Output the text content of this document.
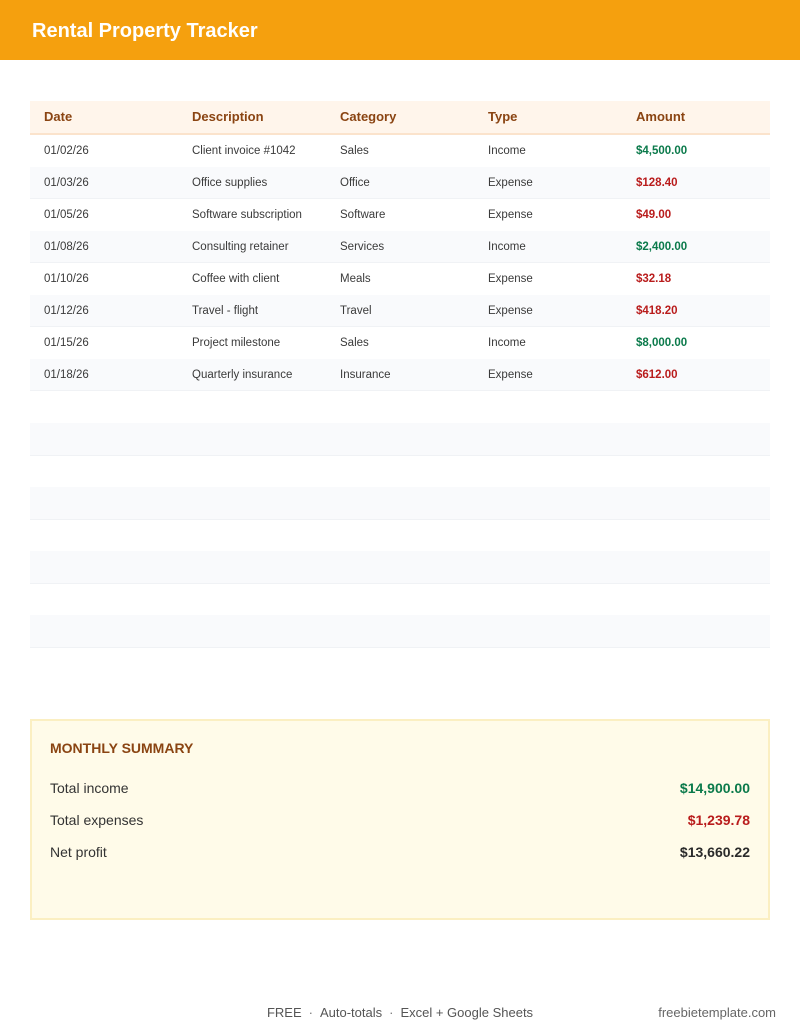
Rental Property Tracker
Date	Description	Category	Type	Amount
01/02/26	Client invoice #1042	Sales	Income	$4,500.00
01/03/26	Office supplies	Office	Expense	$128.40
01/05/26	Software subscription	Software	Expense	$49.00
01/08/26	Consulting retainer	Services	Income	$2,400.00
01/10/26	Coffee with client	Meals	Expense	$32.18
01/12/26	Travel - flight	Travel	Expense	$418.20
01/15/26	Project milestone	Sales	Income	$8,000.00
01/18/26	Quarterly insurance	Insurance	Expense	$612.00
MONTHLY SUMMARY
Total income	$14,900.00
Total expenses	$1,239.78
Net profit	$13,660.22
FREE · Auto-totals · Excel + Google Sheets	freebietemplate.com
